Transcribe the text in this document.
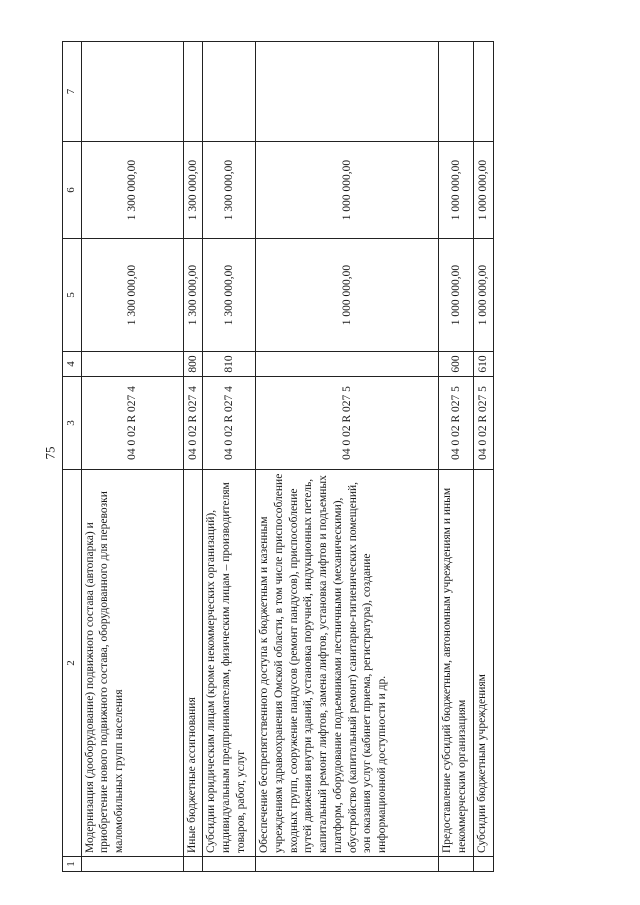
75
1	2	3	4	5	6	7
	Модернизация (дооборудование) подвижного состава (автопарка) и приобретение нового подвижного состава, оборудованного для перевозки маломобильных групп населения	04 0 02 R 027 4		1 300 000,00	1 300 000,00	
	Иные бюджетные ассигнования	04 0 02 R 027 4	800	1 300 000,00	1 300 000,00	
	Субсидии юридическим лицам (кроме некоммерческих организаций), индивидуальным предпринимателям, физическим лицам – производителям товаров, работ, услуг	04 0 02 R 027 4	810	1 300 000,00	1 300 000,00	
	Обеспечение беспрепятственного доступа к бюджетным и казенным учреждениям здравоохранения Омской области, в том числе приспособление входных групп, сооружение пандусов (ремонт пандусов), приспособление путей движения внутри зданий, установка поручней, индукционных петель, капитальный ремонт лифтов, замена лифтов, установка лифтов и подъемных платформ, оборудование подъемниками лестничными (механическими), обустройство (капитальный ремонт) санитарно-гигиенических помещений, зон оказания услуг (кабинет приема, регистратура), создание информационной доступности и др.	04 0 02 R 027 5		1 000 000,00	1 000 000,00	
	Предоставление субсидий бюджетным, автономным учреждениям и иным некоммерческим организациям	04 0 02 R 027 5	600	1 000 000,00	1 000 000,00	
	Субсидии бюджетным учреждениям	04 0 02 R 027 5	610	1 000 000,00	1 000 000,00	
